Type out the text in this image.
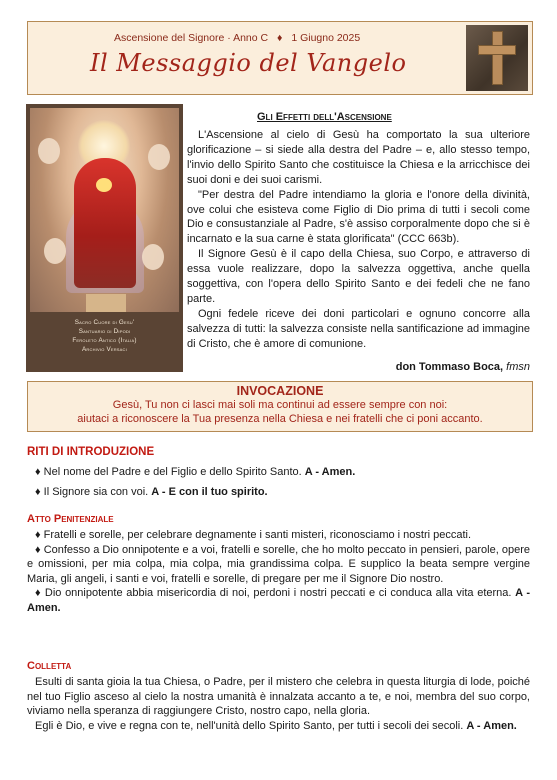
Ascensione del Signore · Anno C ♦ 1 Giugno 2025
Il Messaggio del Vangelo
Sacro Cuore di Gesu'
Santuario di Dipodi
Feroleto Antico (Italia)
Archivio Versaci
Gli Effetti dell'Ascensione

L'Ascensione al cielo di Gesù ha comportato la sua ulteriore glorificazione – si siede alla destra del Padre – e, allo stesso tempo, l'invio dello Spirito Santo che costituisce la Chiesa e la arricchisce dei suoi doni e dei suoi carismi.

"Per destra del Padre intendiamo la gloria e l'onore della divinità, ove colui che esisteva come Figlio di Dio prima di tutti i secoli come Dio e consustanziale al Padre, s'è assiso corporalmente dopo che si è incarnato e la sua carne è stata glorificata" (CCC 663b).

Il Signore Gesù è il capo della Chiesa, suo Corpo, e attraverso di essa vuole realizzare, dopo la salvezza oggettiva, anche quella soggettiva, con l'opera dello Spirito Santo e dei fedeli che ne fano parte.

Ogni fedele riceve dei doni particolari e ognuno concorre alla salvezza di tutti: la salvezza consiste nella santificazione ad immagine di Cristo, che è amore di comunione.

don Tommaso Boca, fmsn
INVOCAZIONE
Gesù, Tu non ci lasci mai soli ma continui ad essere sempre con noi:
aiutaci a riconoscere la Tua presenza nella Chiesa e nei fratelli che ci poni accanto.
RITI DI INTRODUZIONE
♦ Nel nome del Padre e del Figlio e dello Spirito Santo. A - Amen.
♦ Il Signore sia con voi. A - E con il tuo spirito.
Atto Penitenziale

♦ Fratelli e sorelle, per celebrare degnamente i santi misteri, riconosciamo i nostri peccati.

♦ Confesso a Dio onnipotente e a voi, fratelli e sorelle, che ho molto peccato in pensieri, parole, opere e omissioni, per mia colpa, mia colpa, mia grandissima colpa. E supplico la beata sempre vergine Maria, gli angeli, i santi e voi, fratelli e sorelle, di pregare per me il Signore Dio nostro.

♦ Dio onnipotente abbia misericordia di noi, perdoni i nostri peccati e ci conduca alla vita eterna. A - Amen.

Colletta

Esulti di santa gioia la tua Chiesa, o Padre, per il mistero che celebra in questa liturgia di lode, poiché nel tuo Figlio asceso al cielo la nostra umanità è innalzata accanto a te, e noi, membra del suo corpo, viviamo nella speranza di raggiungere Cristo, nostro capo, nella gloria.

Egli è Dio, e vive e regna con te, nell'unità dello Spirito Santo, per tutti i secoli dei secoli. A - Amen.
